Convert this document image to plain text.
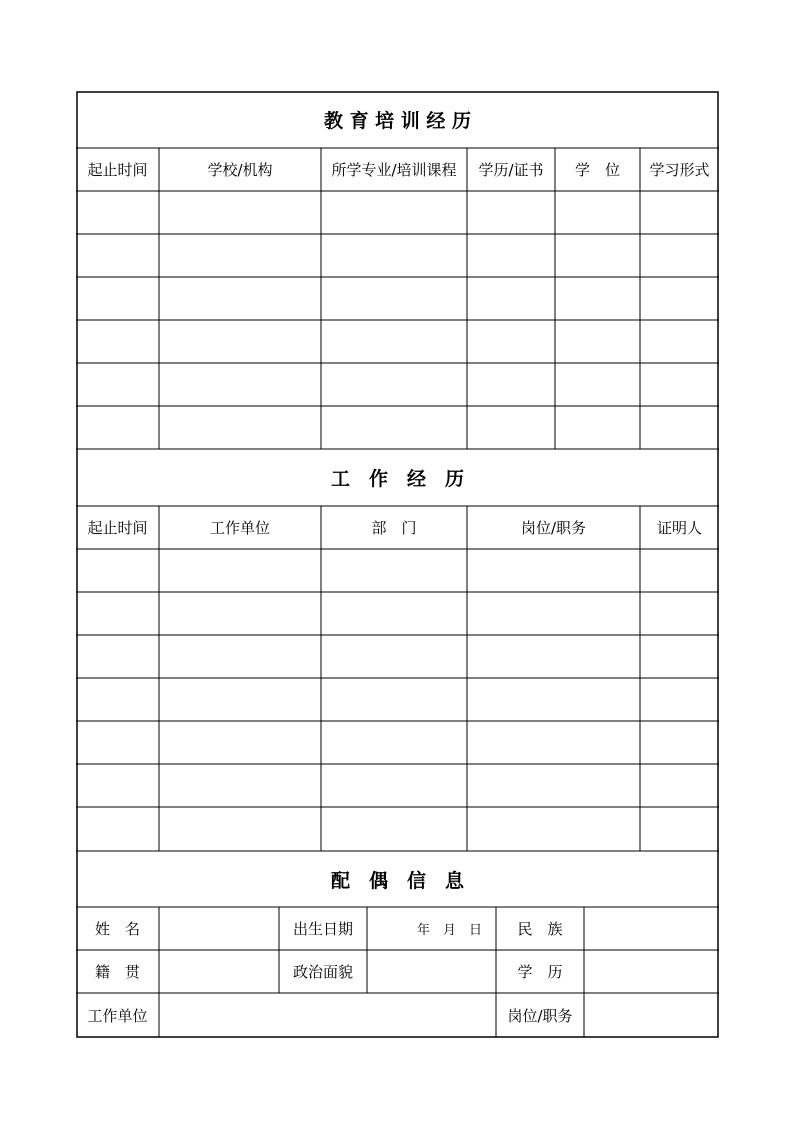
教 育 培 训 经 历
起止时间	学校/机构	所学专业/培训课程	学历/证书	学　位	学习形式
工　作　经　历
起止时间	工作单位	部　门	岗位/职务	证明人
配　偶　信　息
姓　名	出生日期	年　月　日	民　族
籍　贯	政治面貌	学　历
工作单位	岗位/职务
